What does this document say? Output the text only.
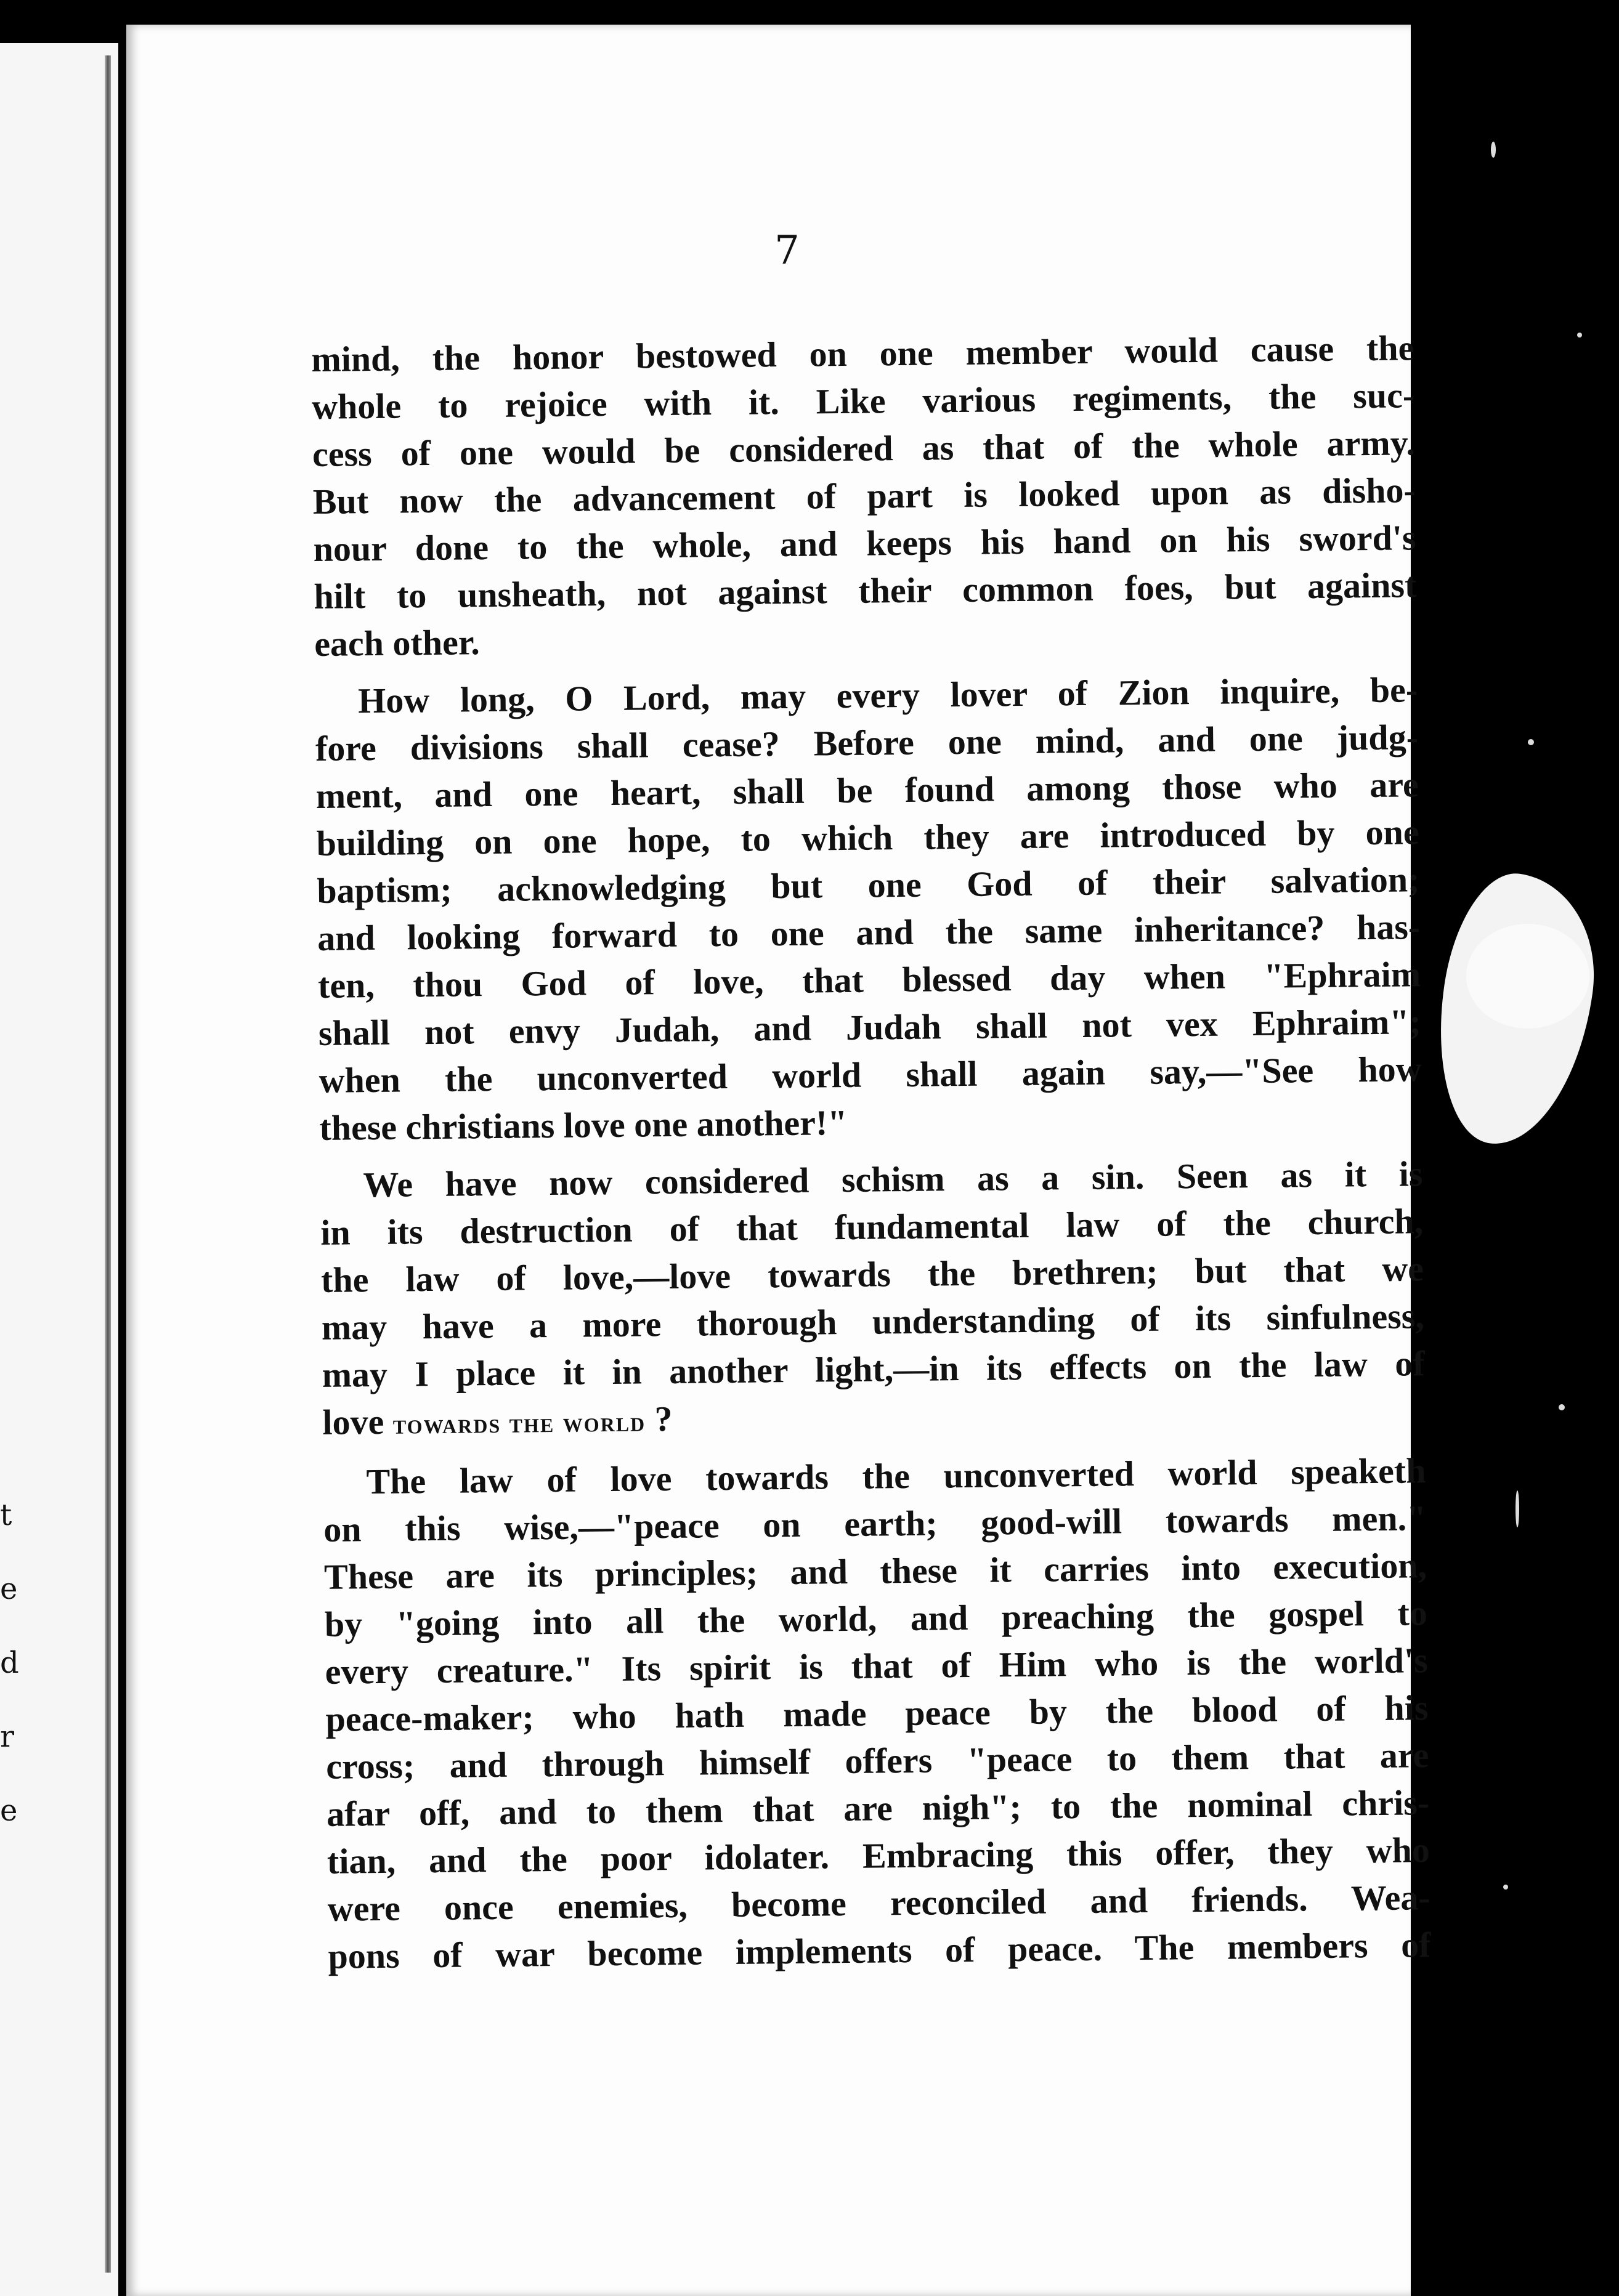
t
e
d
r
e
7
mind, the honor bestowed on one member would cause the
whole to rejoice with it. Like various regiments, the suc-
cess of one would be considered as that of the whole army.
But now the advancement of part is looked upon as disho-
nour done to the whole, and keeps his hand on his sword's
hilt to unsheath, not against their common foes, but against
each other.
How long, O Lord, may every lover of Zion inquire, be-
fore divisions shall cease? Before one mind, and one judg-
ment, and one heart, shall be found among those who are
building on one hope, to which they are introduced by one
baptism; acknowledging but one God of their salvation;
and looking forward to one and the same inheritance? has-
ten, thou God of love, that blessed day when "Ephraim
shall not envy Judah, and Judah shall not vex Ephraim";
when the unconverted world shall again say,—"See how
these christians love one another!"
We have now considered schism as a sin. Seen as it is
in its destruction of that fundamental law of the church,
the law of love,—love towards the brethren; but that we
may have a more thorough understanding of its sinfulness,
may I place it in another light,—in its effects on the law of
love towards the world ?
The law of love towards the unconverted world speaketh
on this wise,—"peace on earth; good-will towards men."
These are its principles; and these it carries into execution,
by "going into all the world, and preaching the gospel to
every creature." Its spirit is that of Him who is the world's
peace-maker; who hath made peace by the blood of his
cross; and through himself offers "peace to them that are
afar off, and to them that are nigh"; to the nominal chris-
tian, and the poor idolater. Embracing this offer, they who
were once enemies, become reconciled and friends. Wea-
pons of war become implements of peace. The members of
